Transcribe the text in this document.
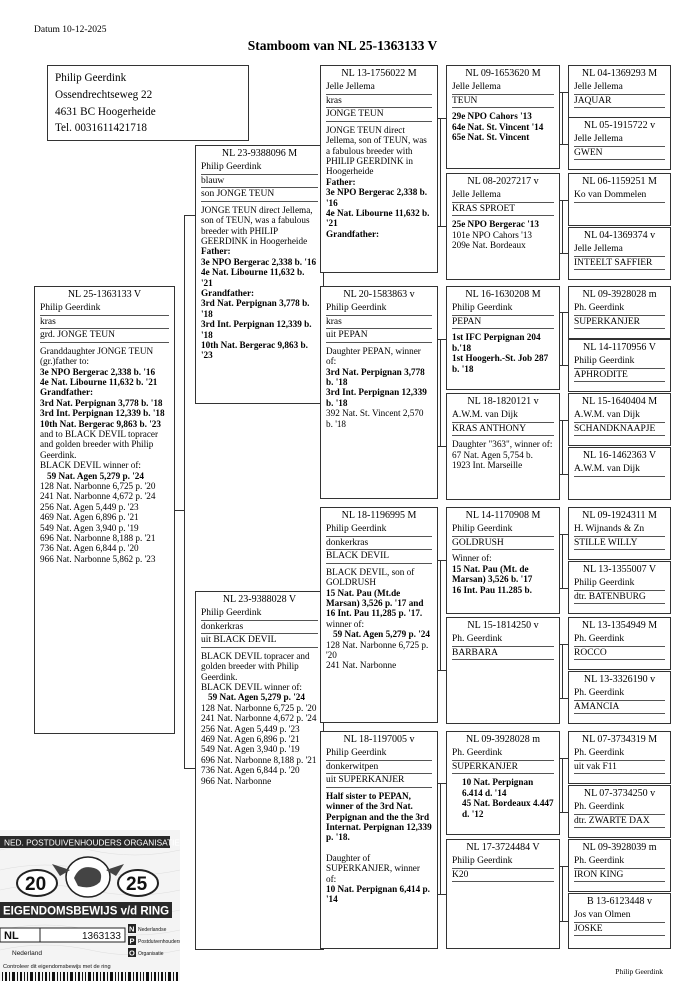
Datum 10-12-2025
Stamboom van NL 25-1363133 V
Philip Geerdink
Ossendrechtseweg 22
4631 BC Hoogerheide
Tel. 0031611421718
NL 25-1363133 V
Philip Geerdink
kras
grd. JONGE TEUN

Granddaughter JONGE TEUN (gr.)father to:

3e NPO Bergerac 2,338 b. '16

4e Nat. Libourne 11,632 b. '21

Grandfather:

3rd Nat. Perpignan 3,778 b. '18

3rd Int. Perpignan 12,339 b. '18

10th Nat. Bergerac 9,863 b. '23

and to BLACK DEVIL topracer and golden breeder with Philip Geerdink.

BLACK DEVIL winner of:

59 Nat. Agen 5,279 p. '24

128 Nat. Narbonne 6,725 p. '20

241 Nat. Narbonne 4,672 p. '24

256 Nat. Agen 5,449 p. '23

469 Nat. Agen 6,896 p. '21

549 Nat. Agen 3,940 p. '19

696 Nat. Narbonne 8,188 p. '21

736 Nat. Agen 6,844 p. '20

966 Nat. Narbonne 5,862 p. '23

NL 23-9388096 M
Philip Geerdink
blauw
son JONGE TEUN

JONGE TEUN direct Jellema, son of TEUN, was a fabulous breeder with PHILIP GEERDINK in Hoogerheide

Father:

3e NPO Bergerac 2,338 b. '16

4e Nat. Libourne 11,632 b. '21

Grandfather:

3rd Nat. Perpignan 3,778 b. '18

3rd Int. Perpignan 12,339 b. '18

10th Nat. Bergerac 9,863 b. '23

NL 23-9388028 V
Philip Geerdink
donkerkras
uit BLACK DEVIL

BLACK DEVIL topracer and golden breeder with Philip Geerdink.

BLACK DEVIL winner of:

59 Nat. Agen 5,279 p. '24

128 Nat. Narbonne 6,725 p. '20

241 Nat. Narbonne 4,672 p. '24

256 Nat. Agen 5,449 p. '23

469 Nat. Agen 6,896 p. '21

549 Nat. Agen 3,940 p. '19

696 Nat. Narbonne 8,188 p. '21

736 Nat. Agen 6,844 p. '20

966 Nat. Narbonne

NL 13-1756022 M
Jelle Jellema
kras
JONGE TEUN

JONGE TEUN direct Jellema, son of TEUN, was a fabulous breeder with PHILIP GEERDINK in Hoogerheide

Father:

3e NPO Bergerac 2,338 b. '16

4e Nat. Libourne 11,632 b. '21

Grandfather:

NL 20-1583863 v
Philip Geerdink
kras
uit PEPAN

Daughter PEPAN, winner of:

3rd Nat. Perpignan 3,778 b. '18

3rd Int. Perpignan 12,339 b. '18

392 Nat. St. Vincent 2,570 b. '18

NL 18-1196995 M
Philip Geerdink
donkerkras
BLACK DEVIL

BLACK DEVIL, son of GOLDRUSH

15 Nat. Pau (Mt.de Marsan) 3,526 p. '17 and 16 Int. Pau 11,285 p. '17.

winner of:

59 Nat. Agen 5,279 p. '24

128 Nat. Narbonne 6,725 p. '20

241 Nat. Narbonne

NL 18-1197005 v
Philip Geerdink
donkerwitpen
uit SUPERKANJER

Half sister to PEPAN, winner of the 3rd Nat. Perpignan and the the 3rd Internat. Perpignan 12,339 p. '18.

Daughter of SUPERKANJER, winner of:

10 Nat. Perpignan 6,414 p. '14

NL 09-1653620 M
Jelle Jellema
TEUN

29e NPO Cahors '13

64e Nat. St. Vincent '14

65e Nat. St. Vincent

NL 08-2027217 v
Jelle Jellema
KRAS SPROET

25e NPO Bergerac '13

101e NPO Cahors '13

209e Nat. Bordeaux

NL 16-1630208 M
Philip Geerdink
PEPAN

1st IFC Perpignan 204 b.'18

1st Hoogerh.-St. Job 287 b. '18

NL 18-1820121 v
A.W.M. van Dijk
KRAS ANTHONY

Daughter "363", winner of:

67 Nat. Agen 5,754 b.

1923 Int. Marseille

NL 14-1170908 M
Philip Geerdink
GOLDRUSH

Winner of:

15 Nat. Pau (Mt. de Marsan) 3,526 b. '17

16 Int. Pau 11.285 b.

NL 15-1814250 v
Ph. Geerdink
BARBARA
NL 09-3928028 m
Ph. Geerdink
SUPERKANJER

10 Nat. Perpignan 6.414 d. '14

45 Nat. Bordeaux 4.447 d. '12

NL 17-3724484 V
Philip Geerdink
K20
NL 04-1369293 M
Jelle Jellema
JAQUAR
NL 05-1915722 v
Jelle Jellema
GWEN
NL 06-1159251 M
Ko van Dommelen
NL 04-1369374 v
Jelle Jellema
INTEELT SAFFIER
NL 09-3928028 m
Ph. Geerdink
SUPERKANJER
NL 14-1170956 V
Philip Geerdink
APHRODITE
NL 15-1640404 M
A.W.M. van Dijk
SCHANDKNAAPJE
NL 16-1462363 V
A.W.M. van Dijk
NL 09-1924311 M
H. Wijnands & Zn
STILLE WILLY
NL 13-1355007 V
Philip Geerdink
dtr. BATENBURG
NL 13-1354949 M
Ph. Geerdink
ROCCO
NL 13-3326190 v
Ph. Geerdink
AMANCIA
NL 07-3734319 M
Ph. Geerdink
uit vak F11
NL 07-3734250 v
Ph. Geerdink
dtr. ZWARTE DAX
NL 09-3928039 m
Ph. Geerdink
IRON KING
B 13-6123448 v
Jos van Olmen
JOSKE
NED. POSTDUIVENHOUDERS ORGANISATIE
20	25
EIGENDOMSBEWIJS v/d RING
NL	1363133
Nederland
N Nederlandse
P Postduivenhouders
O Organisatie
Controleer dit eigendomsbewijs met de ring	Philip Geerdink
